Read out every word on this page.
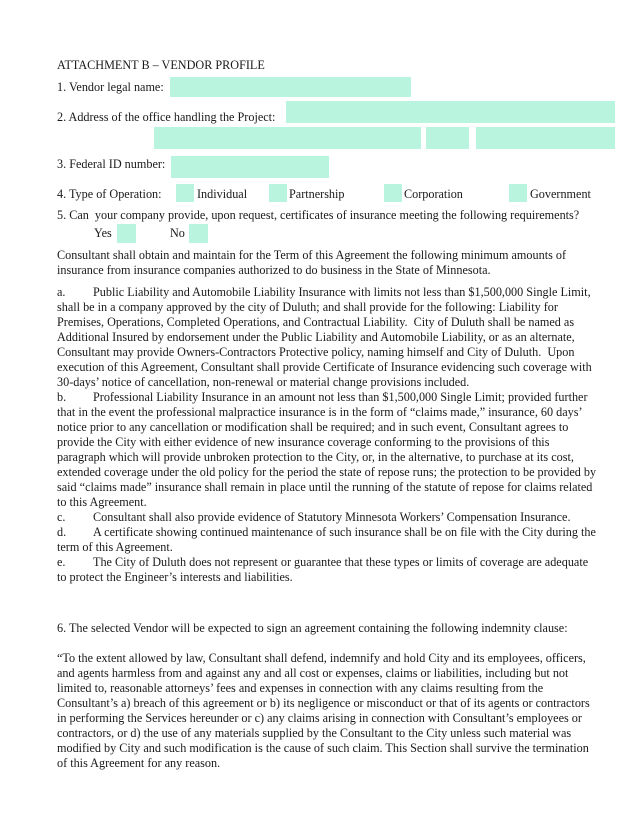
ATTACHMENT B – VENDOR PROFILE
1. Vendor legal name:
2. Address of the office handling the Project:
3. Federal ID number:
4. Type of Operation:	Individual	Partnership	Corporation	Government
5. Can  your company provide, upon request, certificates of insurance meeting the following requirements?
Yes	No
Consultant shall obtain and maintain for the Term of this Agreement the following minimum amounts of insurance from insurance companies authorized to do business in the State of Minnesota.
a. Public Liability and Automobile Liability Insurance with limits not less than $1,500,000 Single Limit, shall be in a company approved by the city of Duluth; and shall provide for the following: Liability for Premises, Operations, Completed Operations, and Contractual Liability.  City of Duluth shall be named as Additional Insured by endorsement under the Public Liability and Automobile Liability, or as an alternate, Consultant may provide Owners-Contractors Protective policy, naming himself and City of Duluth.  Upon execution of this Agreement, Consultant shall provide Certificate of Insurance evidencing such coverage with 30-days’ notice of cancellation, non-renewal or material change provisions included.
b. Professional Liability Insurance in an amount not less than $1,500,000 Single Limit; provided further that in the event the professional malpractice insurance is in the form of “claims made,” insurance, 60 days’ notice prior to any cancellation or modification shall be required; and in such event, Consultant agrees to provide the City with either evidence of new insurance coverage conforming to the provisions of this paragraph which will provide unbroken protection to the City, or, in the alternative, to purchase at its cost, extended coverage under the old policy for the period the state of repose runs; the protection to be provided by said “claims made” insurance shall remain in place until the running of the statute of repose for claims related to this Agreement.
c. Consultant shall also provide evidence of Statutory Minnesota Workers’ Compensation Insurance.
d. A certificate showing continued maintenance of such insurance shall be on file with the City during the term of this Agreement.
e. The City of Duluth does not represent or guarantee that these types or limits of coverage are adequate to protect the Engineer’s interests and liabilities.
6. The selected Vendor will be expected to sign an agreement containing the following indemnity clause:
“To the extent allowed by law, Consultant shall defend, indemnify and hold City and its employees, officers, and agents harmless from and against any and all cost or expenses, claims or liabilities, including but not limited to, reasonable attorneys’ fees and expenses in connection with any claims resulting from the Consultant’s a) breach of this agreement or b) its negligence or misconduct or that of its agents or contractors in performing the Services hereunder or c) any claims arising in connection with Consultant’s employees or contractors, or d) the use of any materials supplied by the Consultant to the City unless such material was modified by City and such modification is the cause of such claim. This Section shall survive the termination of this Agreement for any reason.
